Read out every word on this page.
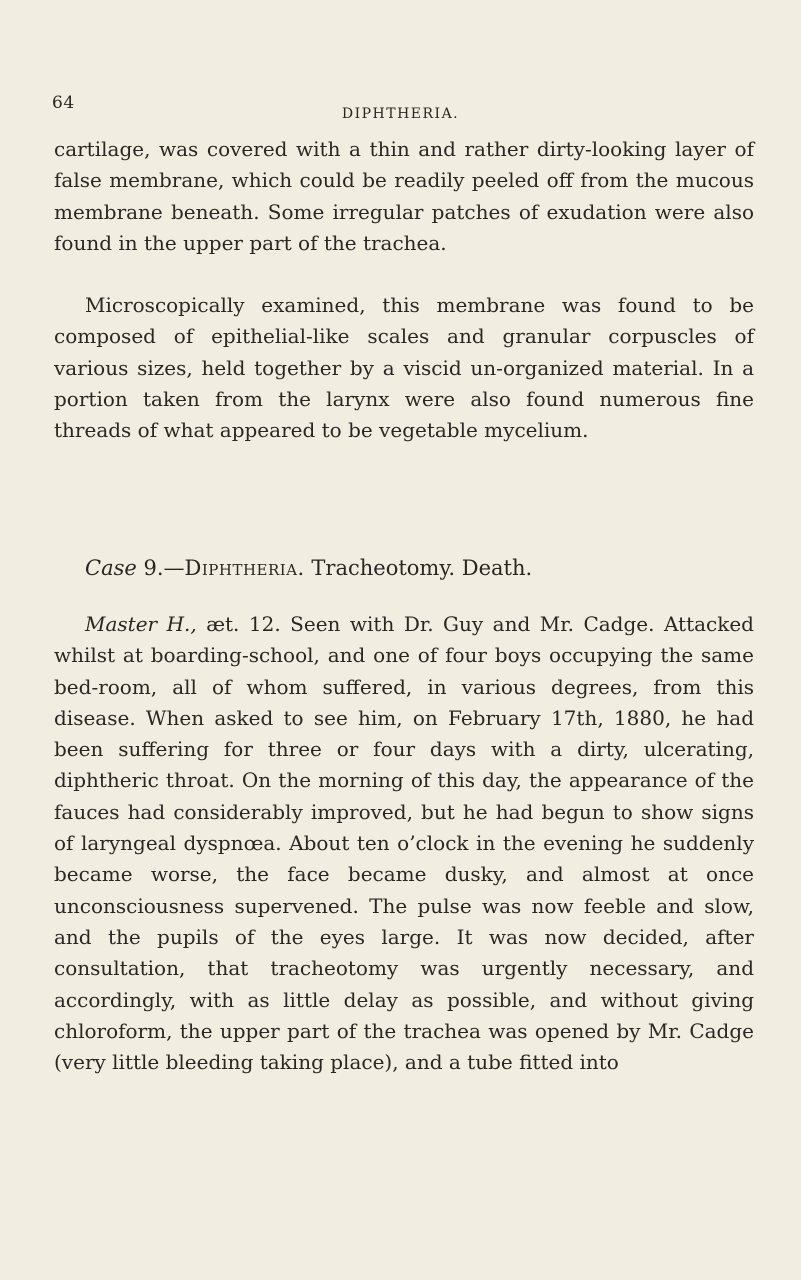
64
DIPHTHERIA.

cartilage, was covered with a thin and rather dirty-looking layer of false membrane, which could be readily peeled off from the mucous membrane beneath. Some irregular patches of exudation were also found in the upper part of the trachea.

Microscopically examined, this membrane was found to be composed of epithelial-like scales and granular corpuscles of various sizes, held together by a viscid un-organized material. In a portion taken from the larynx were also found numerous fine threads of what appeared to be vegetable mycelium.

Case 9.—Diphtheria. Tracheotomy. Death.

Master H., æt. 12. Seen with Dr. Guy and Mr. Cadge. Attacked whilst at boarding-school, and one of four boys occupying the same bed-room, all of whom suffered, in various degrees, from this disease. When asked to see him, on February 17th, 1880, he had been suffering for three or four days with a dirty, ulcerating, diphtheric throat. On the morning of this day, the appearance of the fauces had considerably improved, but he had begun to show signs of laryngeal dyspnœa. About ten o’clock in the evening he suddenly became worse, the face became dusky, and almost at once unconsciousness supervened. The pulse was now feeble and slow, and the pupils of the eyes large. It was now decided, after consultation, that tracheotomy was urgently necessary, and accordingly, with as little delay as possible, and without giving chloroform, the upper part of the trachea was opened by Mr. Cadge (very little bleeding taking place), and a tube fitted into
